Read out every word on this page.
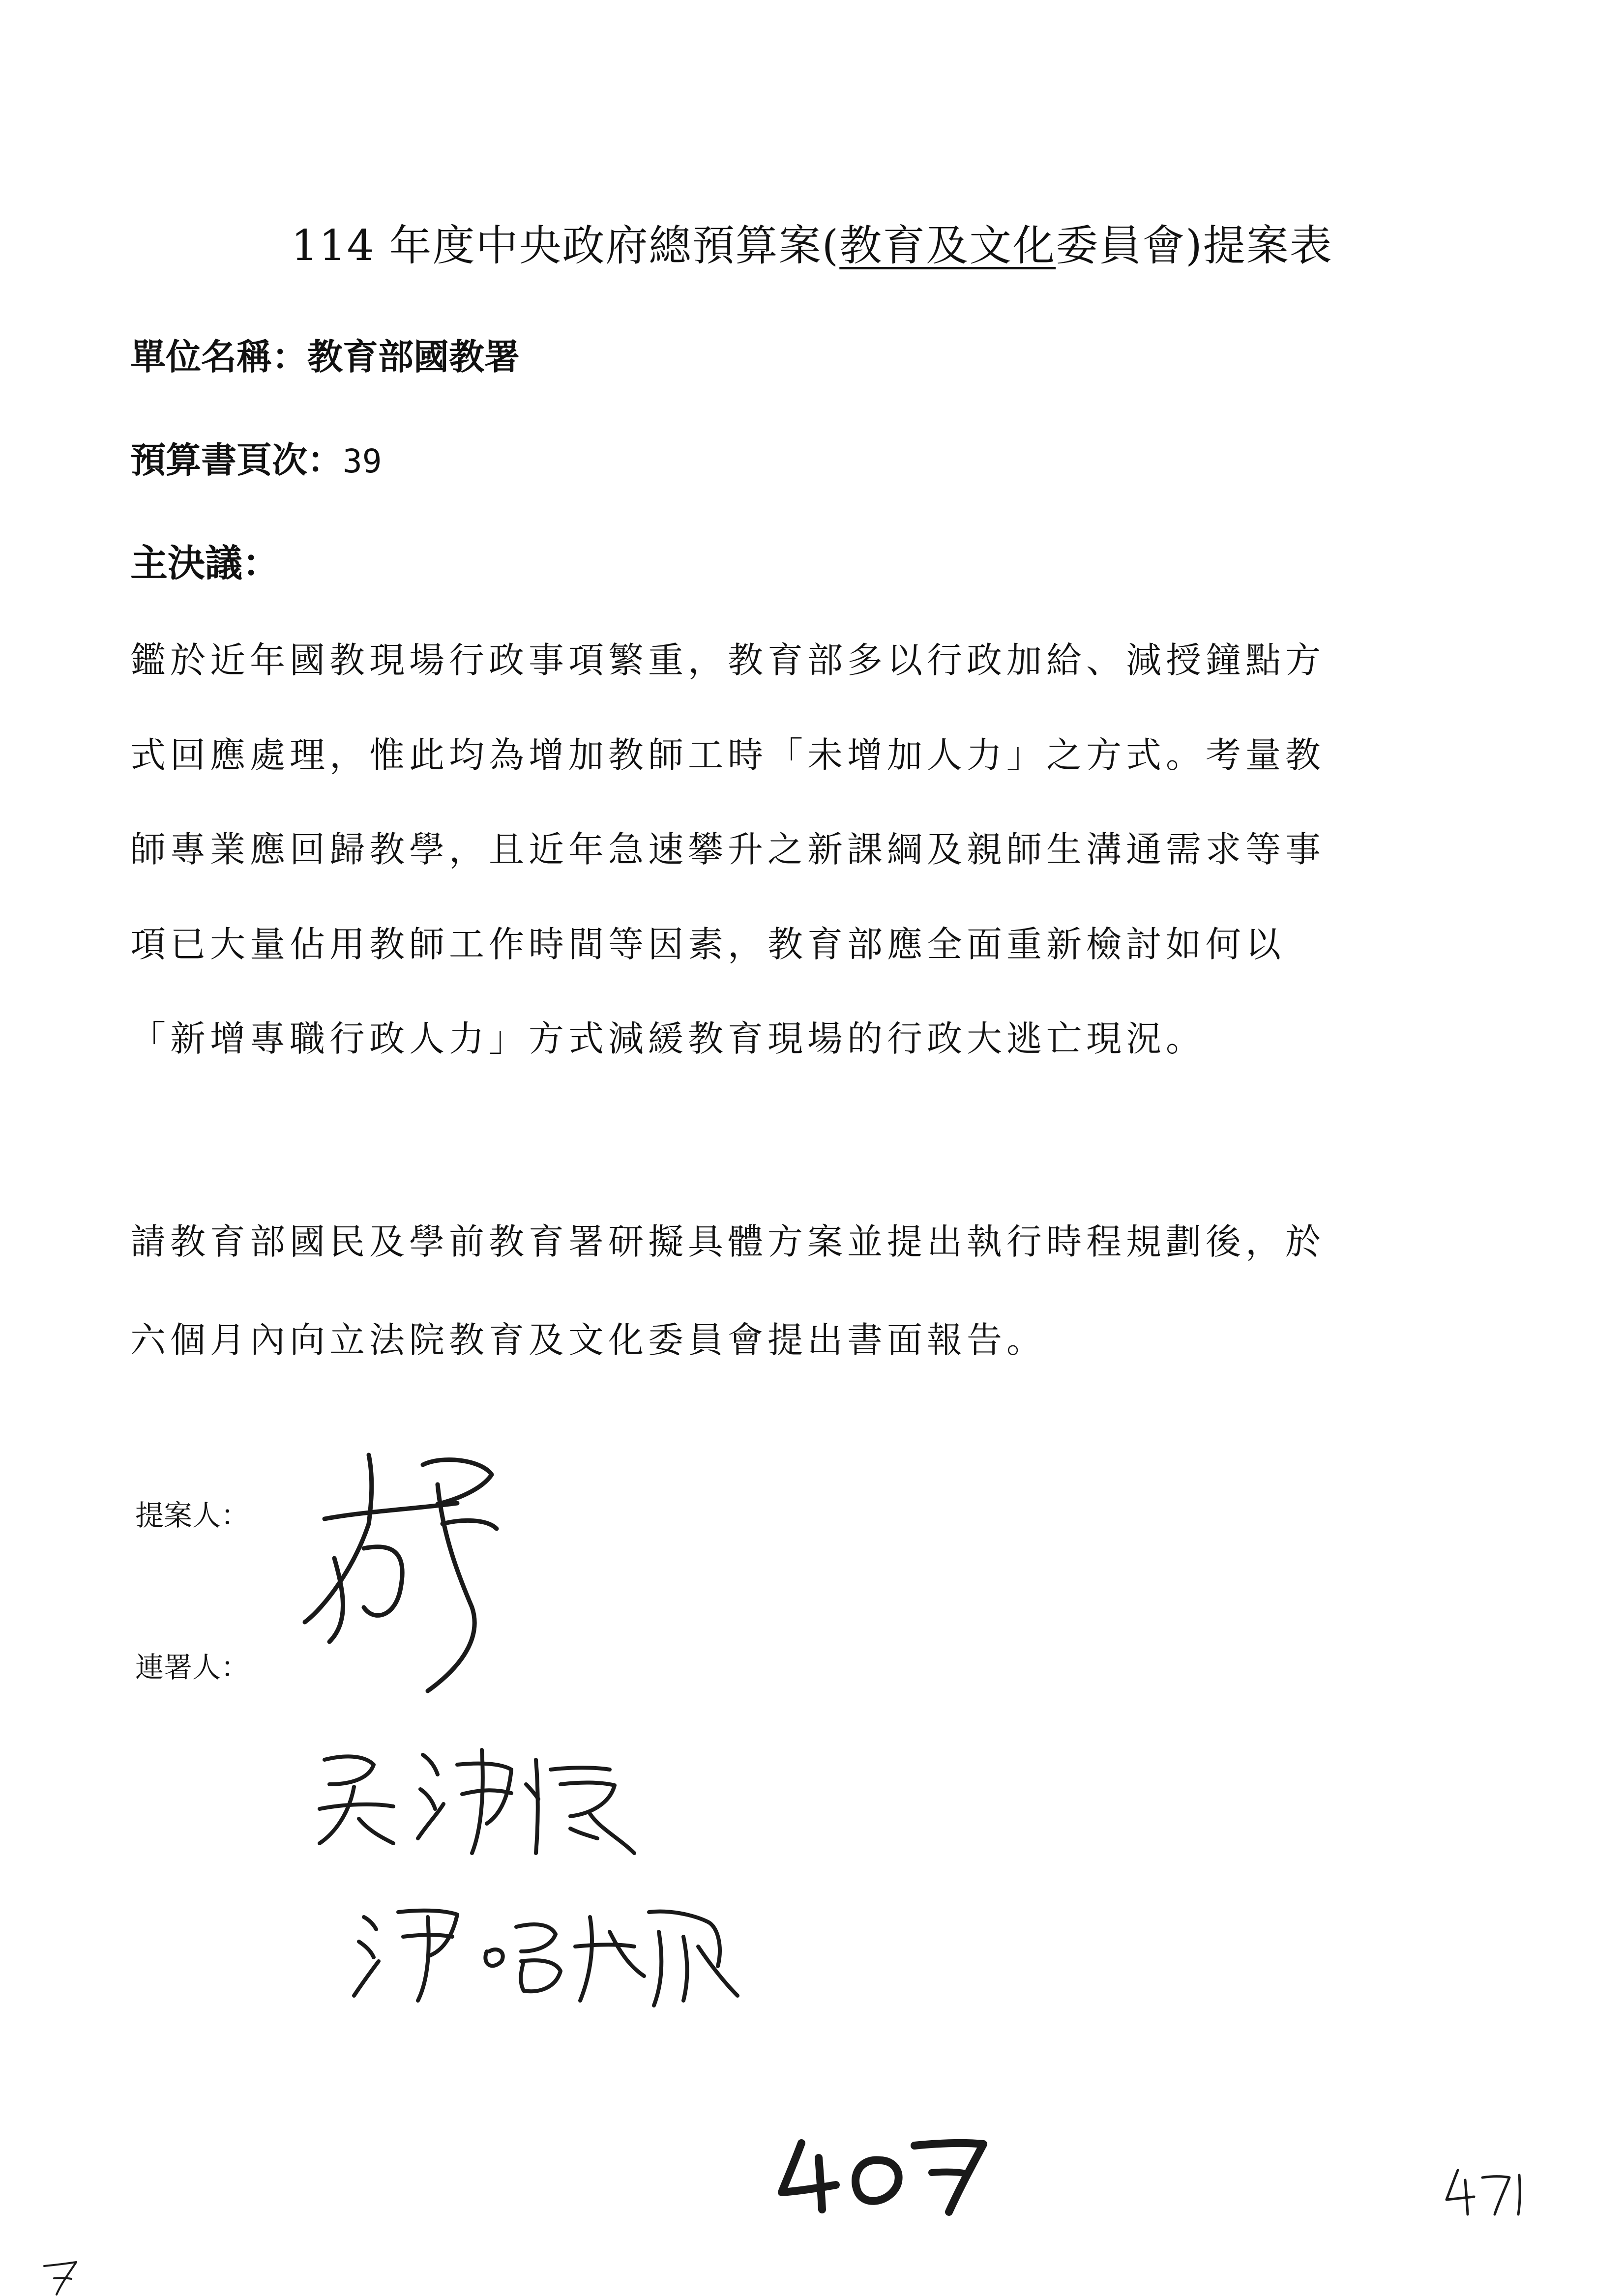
114 年度中央政府總預算案(教育及文化委員會)提案表
單位名稱：教育部國教署
預算書頁次：39
主決議：
鑑於近年國教現場行政事項繁重，教育部多以行政加給、減授鐘點方
式回應處理，惟此均為增加教師工時「未增加人力」之方式。考量教
師專業應回歸教學，且近年急速攀升之新課綱及親師生溝通需求等事
項已大量佔用教師工作時間等因素，教育部應全面重新檢討如何以
「新增專職行政人力」方式減緩教育現場的行政大逃亡現況。
請教育部國民及學前教育署研擬具體方案並提出執行時程規劃後，於
六個月內向立法院教育及文化委員會提出書面報告。
提案人：
連署人：
